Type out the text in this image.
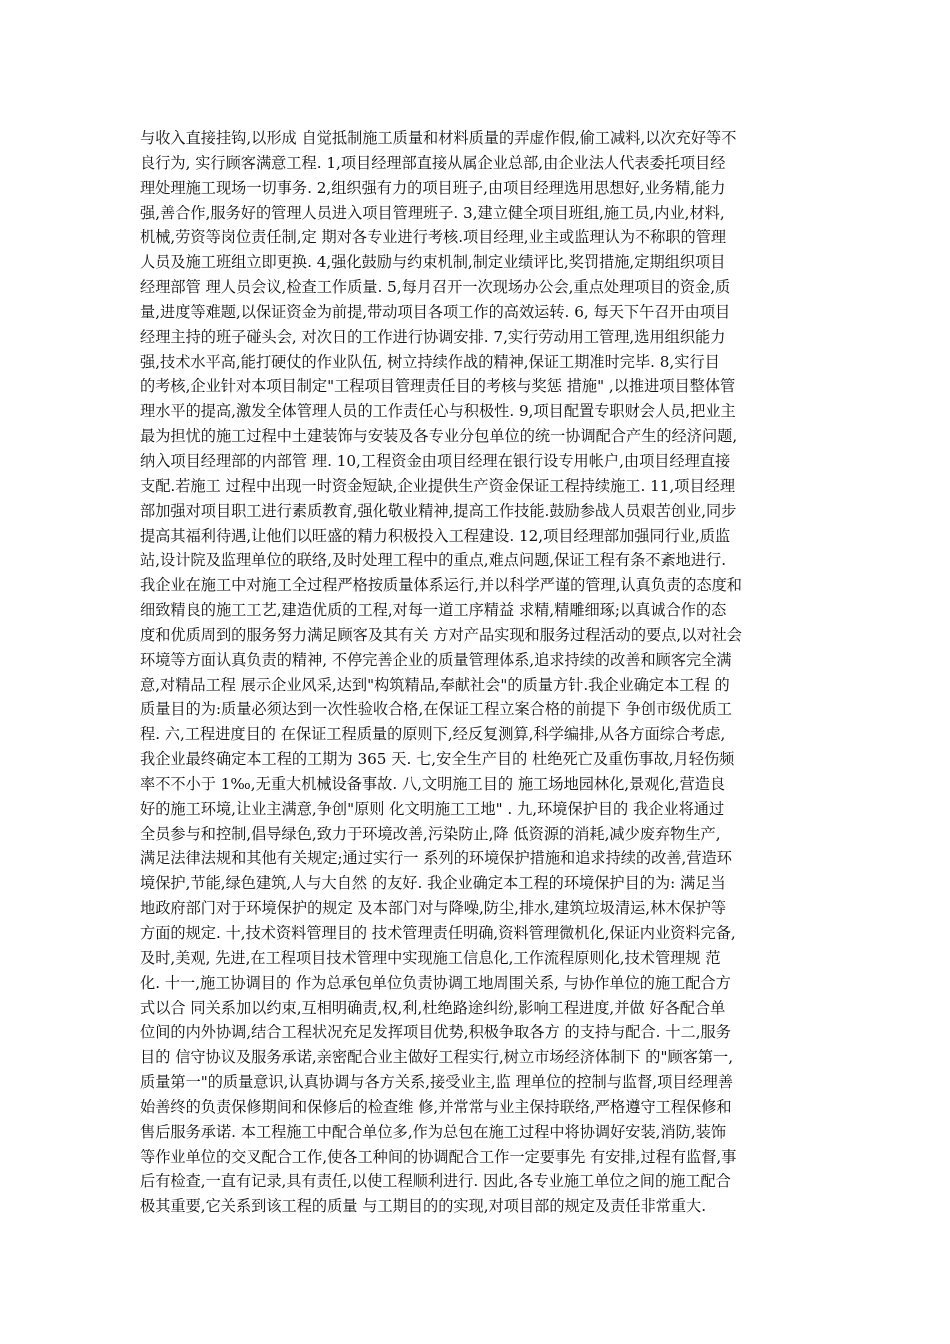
与收入直接挂钩,以形成 自觉抵制施工质量和材料质量的弄虚作假,偷工减料,以次充好等不
良行为, 实行顾客满意工程. 1,项目经理部直接从属企业总部,由企业法人代表委托项目经
理处理施工现场一切事务. 2,组织强有力的项目班子,由项目经理选用思想好,业务精,能力
强,善合作,服务好的管理人员进入项目管理班子. 3,建立健全项目班组,施工员,内业,材料,
机械,劳资等岗位责任制,定 期对各专业进行考核.项目经理,业主或监理认为不称职的管理
人员及施工班组立即更换. 4,强化鼓励与约束机制,制定业绩评比,奖罚措施,定期组织项目
经理部管 理人员会议,检查工作质量. 5,每月召开一次现场办公会,重点处理项目的资金,质
量,进度等难题,以保证资金为前提,带动项目各项工作的高效运转. 6, 每天下午召开由项目
经理主持的班子碰头会, 对次日的工作进行协调安排. 7,实行劳动用工管理,选用组织能力
强,技术水平高,能打硬仗的作业队伍, 树立持续作战的精神,保证工期准时完毕. 8,实行目
的考核,企业针对本项目制定"工程项目管理责任目的考核与奖惩 措施" ,以推进项目整体管
理水平的提高,激发全体管理人员的工作责任心与积极性. 9,项目配置专职财会人员,把业主
最为担忧的施工过程中土建装饰与安装及各专业分包单位的统一协调配合产生的经济问题,
纳入项目经理部的内部管 理. 10,工程资金由项目经理在银行设专用帐户,由项目经理直接
支配.若施工 过程中出现一时资金短缺,企业提供生产资金保证工程持续施工. 11,项目经理
部加强对项目职工进行素质教育,强化敬业精神,提高工作技能.鼓励参战人员艰苦创业,同步
提高其福利待遇,让他们以旺盛的精力积极投入工程建设. 12,项目经理部加强同行业,质监
站,设计院及监理单位的联络,及时处理工程中的重点,难点问题,保证工程有条不紊地进行.
我企业在施工中对施工全过程严格按质量体系运行,并以科学严谨的管理,认真负责的态度和
细致精良的施工工艺,建造优质的工程,对每一道工序精益 求精,精雕细琢;以真诚合作的态
度和优质周到的服务努力满足顾客及其有关 方对产品实现和服务过程活动的要点,以对社会
环境等方面认真负责的精神, 不停完善企业的质量管理体系,追求持续的改善和顾客完全满
意,对精品工程 展示企业风采,达到"构筑精品,奉献社会"的质量方针.我企业确定本工程 的
质量目的为:质量必须达到一次性验收合格,在保证工程立案合格的前提下 争创市级优质工
程. 六,工程进度目的 在保证工程质量的原则下,经反复测算,科学编排,从各方面综合考虑,
我企业最终确定本工程的工期为 365 天. 七,安全生产目的 杜绝死亡及重伤事故,月轻伤频
率不不小于 1‰,无重大机械设备事故. 八,文明施工目的 施工场地园林化,景观化,营造良
好的施工环境,让业主满意,争创"原则 化文明施工工地" . 九,环境保护目的 我企业将通过
全员参与和控制,倡导绿色,致力于环境改善,污染防止,降 低资源的消耗,减少废弃物生产,
满足法律法规和其他有关规定;通过实行一 系列的环境保护措施和追求持续的改善,营造环
境保护,节能,绿色建筑,人与大自然 的友好. 我企业确定本工程的环境保护目的为: 满足当
地政府部门对于环境保护的规定 及本部门对与降噪,防尘,排水,建筑垃圾清运,林木保护等
方面的规定. 十,技术资料管理目的 技术管理责任明确,资料管理微机化,保证内业资料完备,
及时,美观, 先进,在工程项目技术管理中实现施工信息化,工作流程原则化,技术管理规 范
化. 十一,施工协调目的 作为总承包单位负责协调工地周围关系, 与协作单位的施工配合方
式以合 同关系加以约束,互相明确责,权,利,杜绝路途纠纷,影响工程进度,并做 好各配合单
位间的内外协调,结合工程状况充足发挥项目优势,积极争取各方 的支持与配合. 十二,服务
目的 信守协议及服务承诺,亲密配合业主做好工程实行,树立市场经济体制下 的"顾客第一,
质量第一"的质量意识,认真协调与各方关系,接受业主,监 理单位的控制与监督,项目经理善
始善终的负责保修期间和保修后的检查维 修,并常常与业主保持联络,严格遵守工程保修和
售后服务承诺. 本工程施工中配合单位多,作为总包在施工过程中将协调好安装,消防,装饰
等作业单位的交叉配合工作,使各工种间的协调配合工作一定要事先 有安排,过程有监督,事
后有检查,一直有记录,具有责任,以使工程顺利进行. 因此,各专业施工单位之间的施工配合
极其重要,它关系到该工程的质量 与工期目的的实现,对项目部的规定及责任非常重大.
